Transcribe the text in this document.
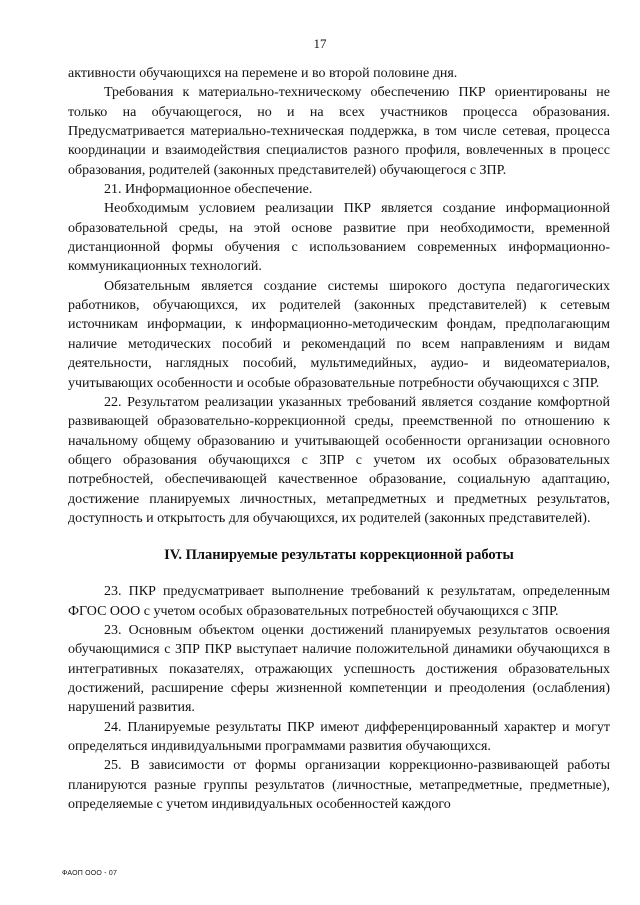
17

активности обучающихся на перемене и во второй половине дня.

Требования к материально-техническому обеспечению ПКР ориентированы не только на обучающегося, но и на всех участников процесса образования. Предусматривается материально-техническая поддержка, в том числе сетевая, процесса координации и взаимодействия специалистов разного профиля, вовлеченных в процесс образования, родителей (законных представителей) обучающегося с ЗПР.

21. Информационное обеспечение.

Необходимым условием реализации ПКР является создание информационной образовательной среды, на этой основе развитие при необходимости, временной дистанционной формы обучения с использованием современных информационно-коммуникационных технологий.

Обязательным является создание системы широкого доступа педагогических работников, обучающихся, их родителей (законных представителей) к сетевым источникам информации, к информационно-методическим фондам, предполагающим наличие методических пособий и рекомендаций по всем направлениям и видам деятельности, наглядных пособий, мультимедийных, аудио- и видеоматериалов, учитывающих особенности и особые образовательные потребности обучающихся с ЗПР.

22. Результатом реализации указанных требований является создание комфортной развивающей образовательно-коррекционной среды, преемственной по отношению к начальному общему образованию и учитывающей особенности организации основного общего образования обучающихся с ЗПР с учетом их особых образовательных потребностей, обеспечивающей качественное образование, социальную адаптацию, достижение планируемых личностных, метапредметных и предметных результатов, доступность и открытость для обучающихся, их родителей (законных представителей).

IV. Планируемые результаты коррекционной работы

23. ПКР предусматривает выполнение требований к результатам, определенным ФГОС ООО с учетом особых образовательных потребностей обучающихся с ЗПР.

23. Основным объектом оценки достижений планируемых результатов освоения обучающимися с ЗПР ПКР выступает наличие положительной динамики обучающихся в интегративных показателях, отражающих успешность достижения образовательных достижений, расширение сферы жизненной компетенции и преодоления (ослабления) нарушений развития.

24. Планируемые результаты ПКР имеют дифференцированный характер и могут определяться индивидуальными программами развития обучающихся.

25. В зависимости от формы организации коррекционно-развивающей работы планируются разные группы результатов (личностные, метапредметные, предметные), определяемые с учетом индивидуальных особенностей каждого

ФАОП ООО - 07
